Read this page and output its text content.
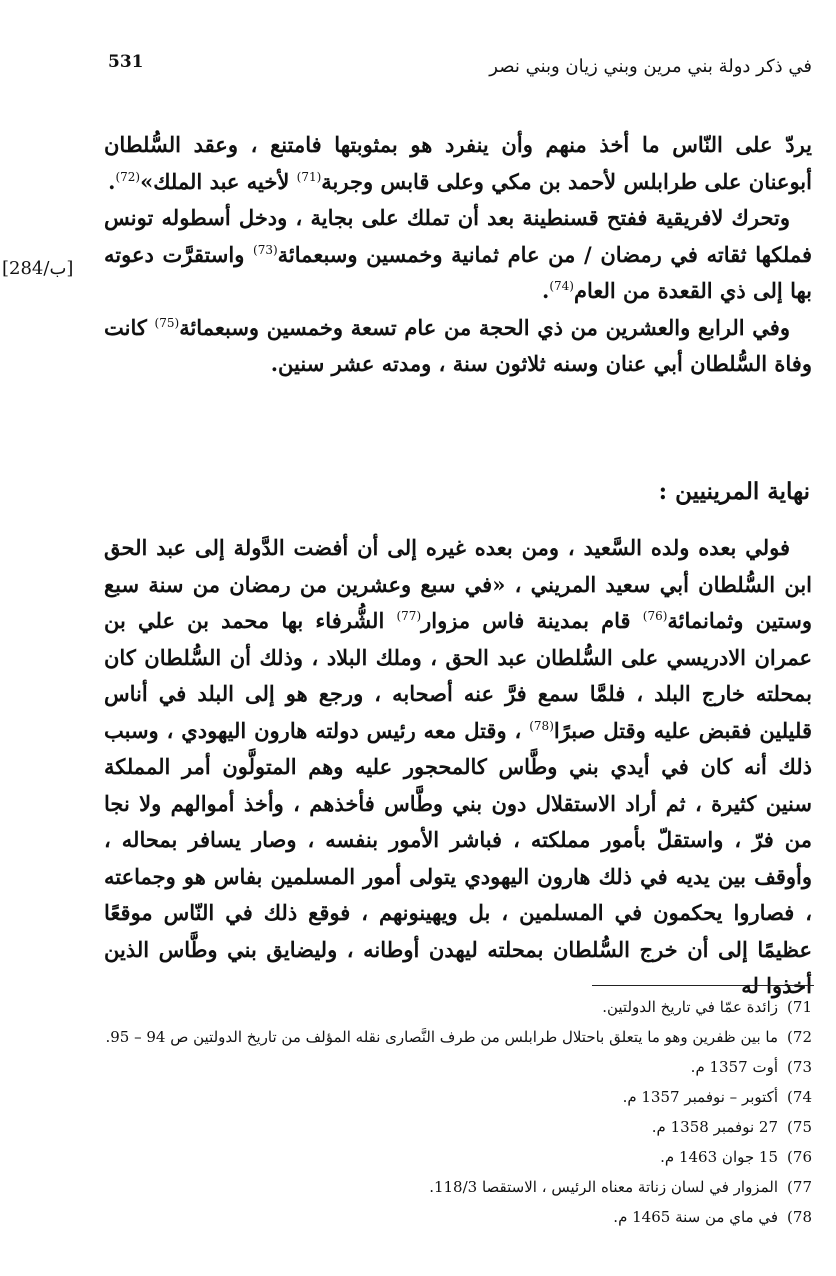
531	في ذكر دولة بني مرين وبني زيان وبني نصر
[284/ب]

يردّ على النّاس ما أخذ منهم وأن ينفرد هو بمثوبتها فامتنع ، وعقد السُّلطان أبوعنان على طرابلس لأحمد بن مكي وعلى قابس وجربة$^{(71)}$ لأخيه عبد الملك»$^{(72)}$.

وتحرك لافريقية ففتح قسنطينة بعد أن تملك على بجاية ، ودخل أسطوله تونس فملكها ثقاته في رمضان / من عام ثمانية وخمسين وسبعمائة$^{(73)}$ واستقرَّت دعوته بها إلى ذي القعدة من العام$^{(74)}$.

وفي الرابع والعشرين من ذي الحجة من عام تسعة وخمسين وسبعمائة$^{(75)}$ كانت وفاة السُّلطان أبي عنان وسنه ثلاثون سنة ، ومدته عشر سنين.

نهاية المرينيين :

فولي بعده ولده السَّعيد ، ومن بعده غيره إلى أن أفضت الدَّولة إلى عبد الحق ابن السُّلطان أبي سعيد المريني ، «في سبع وعشرين من رمضان من سنة سبع وستين وثمانمائة$^{(76)}$ قام بمدينة فاس مزوار$^{(77)}$ الشُّرفاء بها محمد بن علي بن عمران الادريسي على السُّلطان عبد الحق ، وملك البلاد ، وذلك أن السُّلطان كان بمحلته خارج البلد ، فلمَّا سمع فرَّ عنه أصحابه ، ورجع هو إلى البلد في أناس قليلين فقبض عليه وقتل صبرًا$^{(78)}$ ، وقتل معه رئيس دولته هارون اليهودي ، وسبب ذلك أنه كان في أيدي بني وطَّاس كالمحجور عليه وهم المتولَّون أمر المملكة سنين كثيرة ، ثم أراد الاستقلال دون بني وطَّاس فأخذهم ، وأخذ أموالهم ولا نجا من فرّ ، واستقلّ بأمور مملكته ، فباشر الأمور بنفسه ، وصار يسافر بمحاله ، وأوقف بين يديه في ذلك هارون اليهودي يتولى أمور المسلمين بفاس هو وجماعته ، فصاروا يحكمون في المسلمين ، بل ويهينونهم ، فوقع ذلك في النّاس موقعًا عظيمًا إلى أن خرج السُّلطان بمحلته ليهدن أوطانه ، وليضايق بني وطَّاس الذين أخذوا له

71)زائدة عمّا في تاريخ الدولتين.
72)ما بين ظفرين وهو ما يتعلق باحتلال طرابلس من طرف النَّصارى نقله المؤلف من تاريخ الدولتين ص 94 – 95.
73)أوت 1357 م.
74)أكتوبر – نوفمبر 1357 م.
75)27 نوفمبر 1358 م.
76)15 جوان 1463 م.
77)المزوار في لسان زناتة معناه الرئيس ، الاستقصا 118/3.
78)في ماي من سنة 1465 م.
